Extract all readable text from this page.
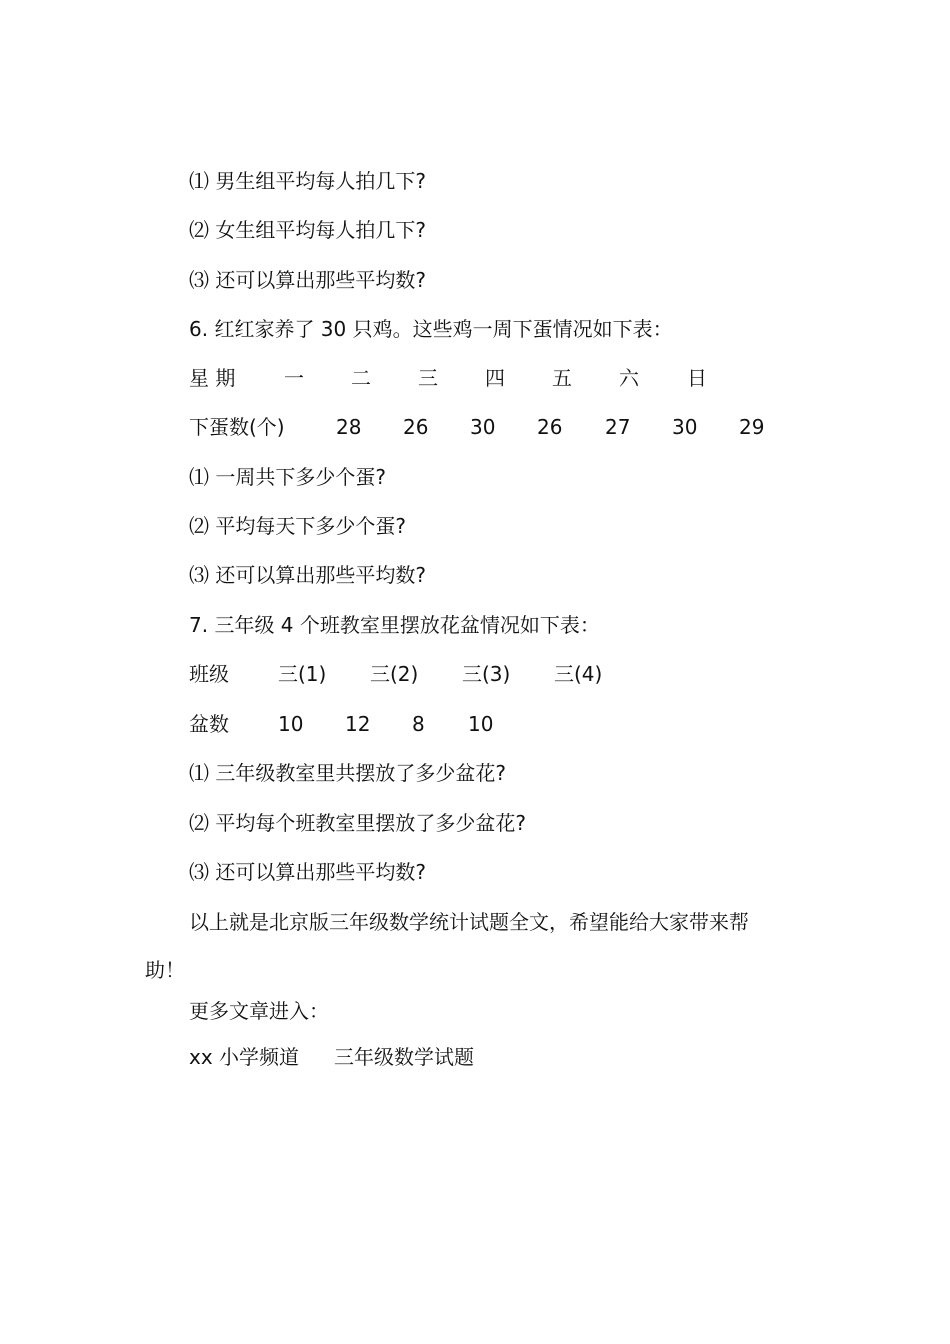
⑴ 男生组平均每人拍几下?
⑵ 女生组平均每人拍几下?
⑶ 还可以算出那些平均数?
6. 红红家养了 30 只鸡。这些鸡一周下蛋情况如下表：
星 期 一 二 三 四 五 六 日
下蛋数(个)	28 26 30 26 27 30 29
⑴ 一周共下多少个蛋?
⑵ 平均每天下多少个蛋?
⑶ 还可以算出那些平均数?
7. 三年级 4 个班教室里摆放花盆情况如下表：
班级 三(1) 三(2) 三(3) 三(4)
盆数 10 12 8 10
⑴ 三年级教室里共摆放了多少盆花?
⑵ 平均每个班教室里摆放了多少盆花?
⑶ 还可以算出那些平均数?
以上就是北京版三年级数学统计试题全文，希望能给大家带来帮
助！
更多文章进入：
xx 小学频道 三年级数学试题
